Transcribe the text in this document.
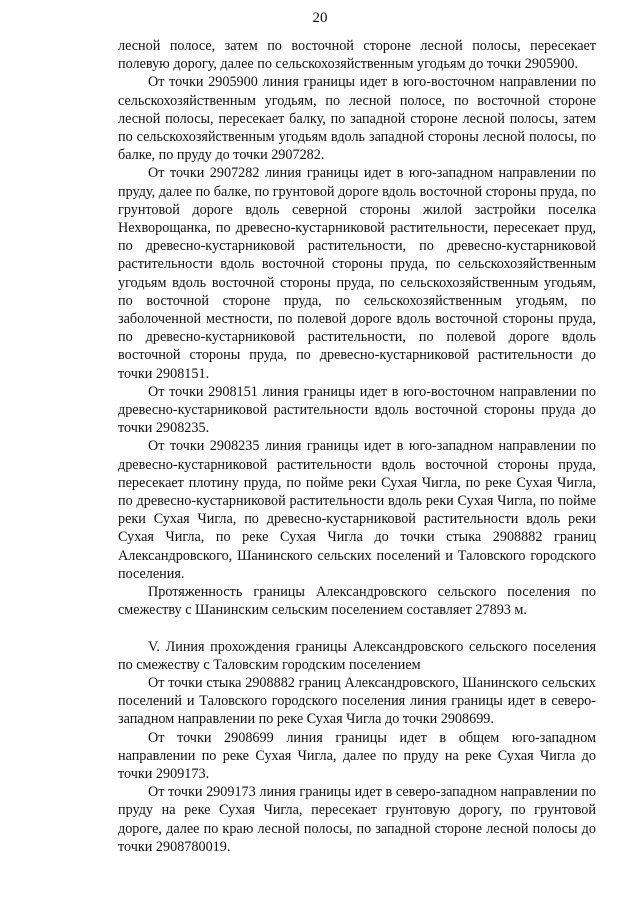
20

лесной полосе, затем по восточной стороне лесной полосы, пересекает полевую дорогу, далее по сельскохозяйственным угодьям до точки 2905900.

От точки 2905900 линия границы идет в юго-восточном направлении по сельскохозяйственным угодьям, по лесной полосе, по восточной стороне лесной полосы, пересекает балку, по западной стороне лесной полосы, затем по сельскохозяйственным угодьям вдоль западной стороны лесной полосы, по балке, по пруду до точки 2907282.

От точки 2907282 линия границы идет в юго-западном направлении по пруду, далее по балке, по грунтовой дороге вдоль восточной стороны пруда, по грунтовой дороге вдоль северной стороны жилой застройки поселка Нехворощанка, по древесно-кустарниковой растительности, пересекает пруд, по древесно-кустарниковой растительности, по древесно-кустарниковой растительности вдоль восточной стороны пруда, по сельскохозяйственным угодьям вдоль восточной стороны пруда, по сельскохозяйственным угодьям, по восточной стороне пруда, по сельскохозяйственным угодьям, по заболоченной местности, по полевой дороге вдоль восточной стороны пруда, по древесно-кустарниковой растительности, по полевой дороге вдоль восточной стороны пруда, по древесно-кустарниковой растительности до точки 2908151.

От точки 2908151 линия границы идет в юго-восточном направлении по древесно-кустарниковой растительности вдоль восточной стороны пруда до точки 2908235.

От точки 2908235 линия границы идет в юго-западном направлении по древесно-кустарниковой растительности вдоль восточной стороны пруда, пересекает плотину пруда, по пойме реки Сухая Чигла, по реке Сухая Чигла, по древесно-кустарниковой растительности вдоль реки Сухая Чигла, по пойме реки Сухая Чигла, по древесно-кустарниковой растительности вдоль реки Сухая Чигла, по реке Сухая Чигла до точки стыка 2908882 границ Александровского, Шанинского сельских поселений и Таловского городского поселения.

Протяженность границы Александровского сельского поселения по смежеству с Шанинским сельским поселением составляет 27893 м.

V. Линия прохождения границы Александровского сельского поселения по смежеству с Таловским городским поселением

От точки стыка 2908882 границ Александровского, Шанинского сельских поселений и Таловского городского поселения линия границы идет в северо-западном направлении по реке Сухая Чигла до точки 2908699.

От точки 2908699 линия границы идет в общем юго-западном направлении по реке Сухая Чигла, далее по пруду на реке Сухая Чигла до точки 2909173.

От точки 2909173 линия границы идет в северо-западном направлении по пруду на реке Сухая Чигла, пересекает грунтовую дорогу, по грунтовой дороге, далее по краю лесной полосы, по западной стороне лесной полосы до точки 2908780019.
